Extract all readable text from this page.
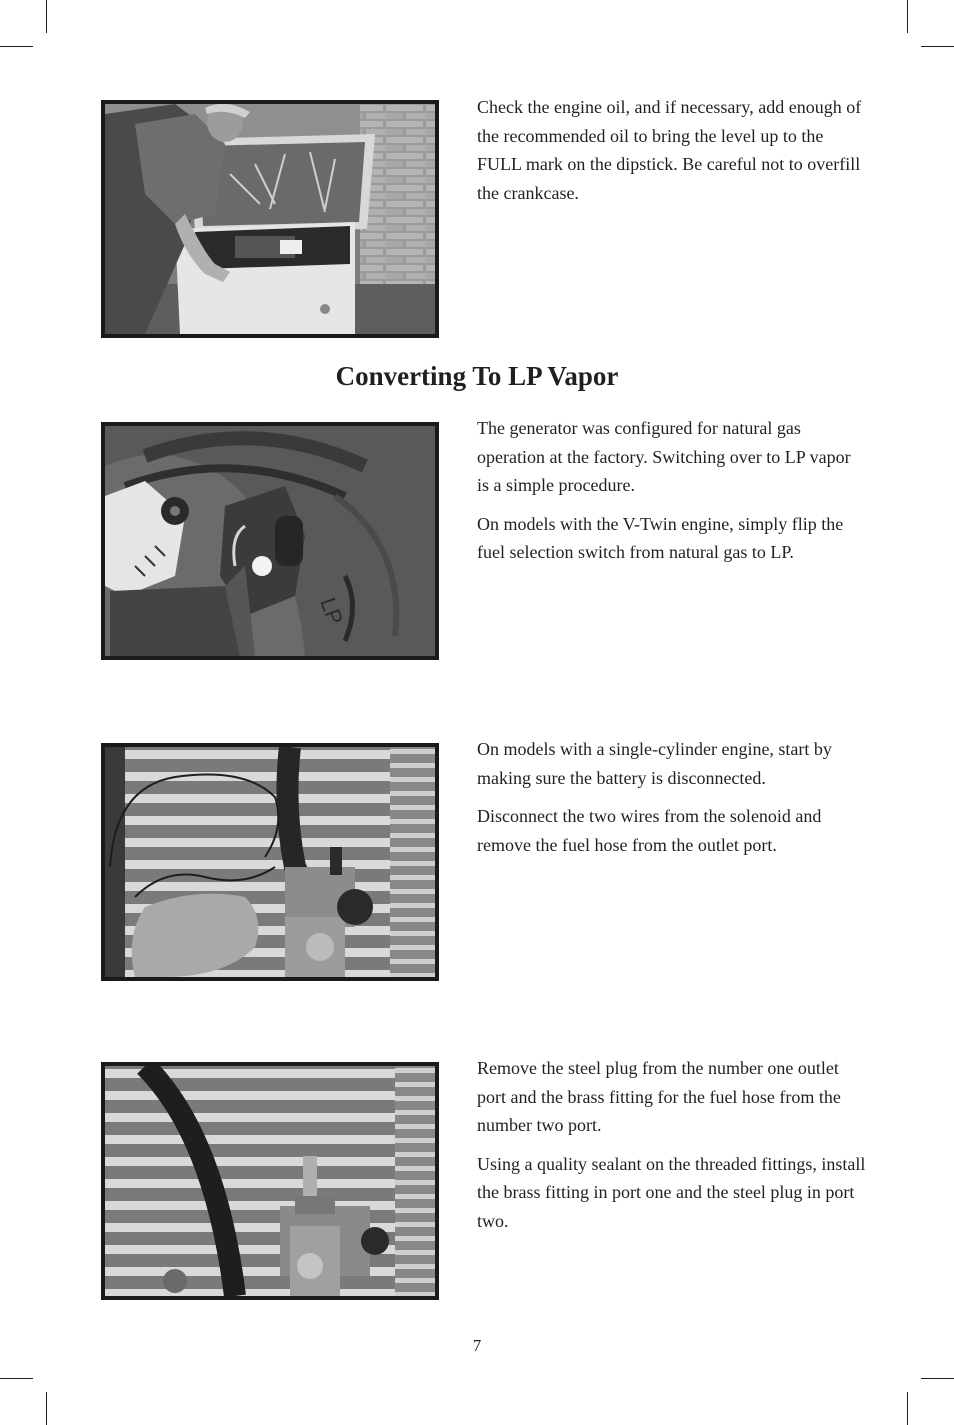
Check the engine oil, and if necessary, add enough of the recommended oil to bring the level up to the FULL mark on the dipstick. Be careful not to overfill the crankcase.

Converting To LP Vapor
LP

The generator was configured for natural gas operation at the factory. Switching over to LP vapor is a simple procedure.

On models with the V-Twin engine, simply flip the fuel selection switch from natural gas to LP.

On models with a single-cylinder engine, start by making sure the battery is disconnected.

Disconnect the two wires from the solenoid and remove the fuel hose from the outlet port.

Remove the steel plug from the number one outlet port and the brass fitting for the fuel hose from the number two port.

Using a quality sealant on the threaded fittings, install the brass fitting in port one and the steel plug in port two.

7
